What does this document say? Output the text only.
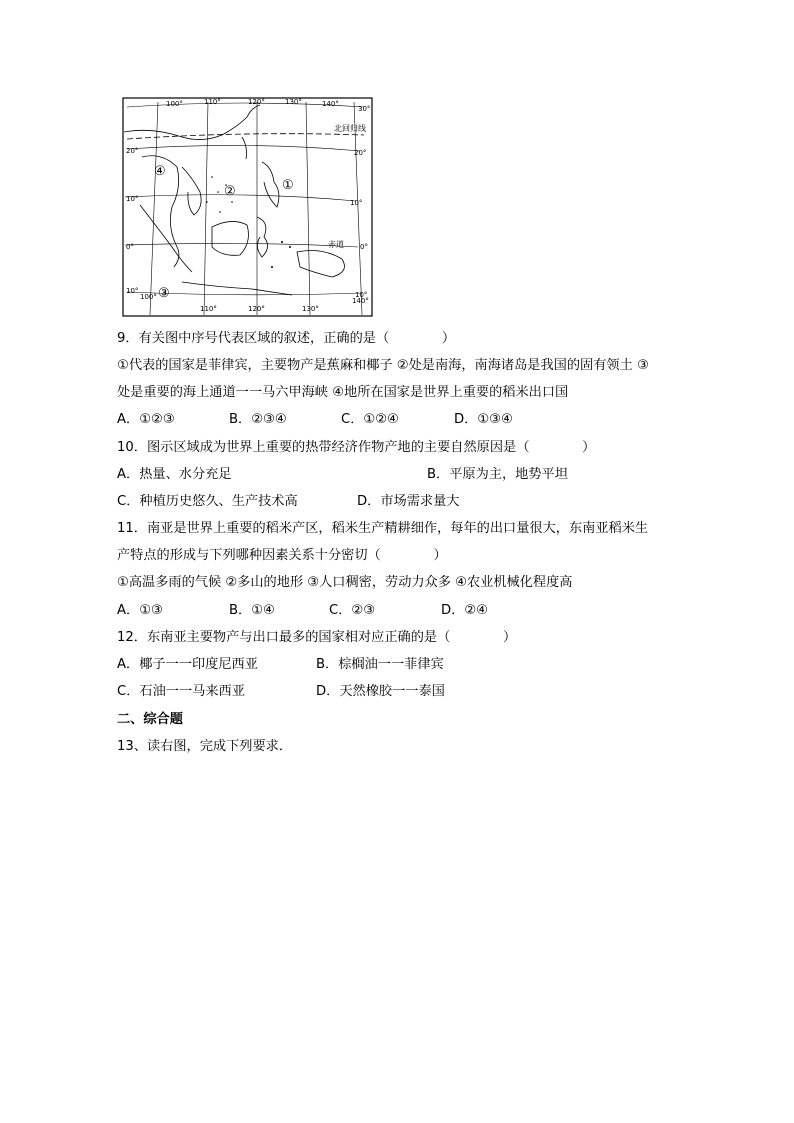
100°	110°	120°	130°	140°
100°
110°	120°	130°
140°
30°
20°
10°
0°
10°
20°
10°
0°
10°
北回归线
赤道
①
②
③
④
9．有关图中序号代表区域的叙述，正确的是（　　　　）
①代表的国家是菲律宾，主要物产是蕉麻和椰子 ②处是南海，南海诸岛是我国的固有领土 ③
处是重要的海上通道一一马六甲海峡 ④地所在国家是世界上重要的稻米出口国
A．①②③	B．②③④	C．①②④	D．①③④
10．图示区域成为世界上重要的热带经济作物产地的主要自然原因是（　　　　）
A．热量、水分充足	B．平原为主，地势平坦
C．种植历史悠久、生产技术高	D．市场需求量大
11．南亚是世界上重要的稻米产区，稻米生产精耕细作，每年的出口量很大，东南亚稻米生
产特点的形成与下列哪种因素关系十分密切（　　　　）
①高温多雨的气候 ②多山的地形 ③人口稠密，劳动力众多 ④农业机械化程度高
A．①③	B．①④	C．②③	D．②④
12．东南亚主要物产与出口最多的国家相对应正确的是（　　　　）
A．椰子一一印度尼西亚	B．棕榈油一一菲律宾
C．石油一一马来西亚	D．天然橡胶一一泰国
二、综合题
13、读右图，完成下列要求．
